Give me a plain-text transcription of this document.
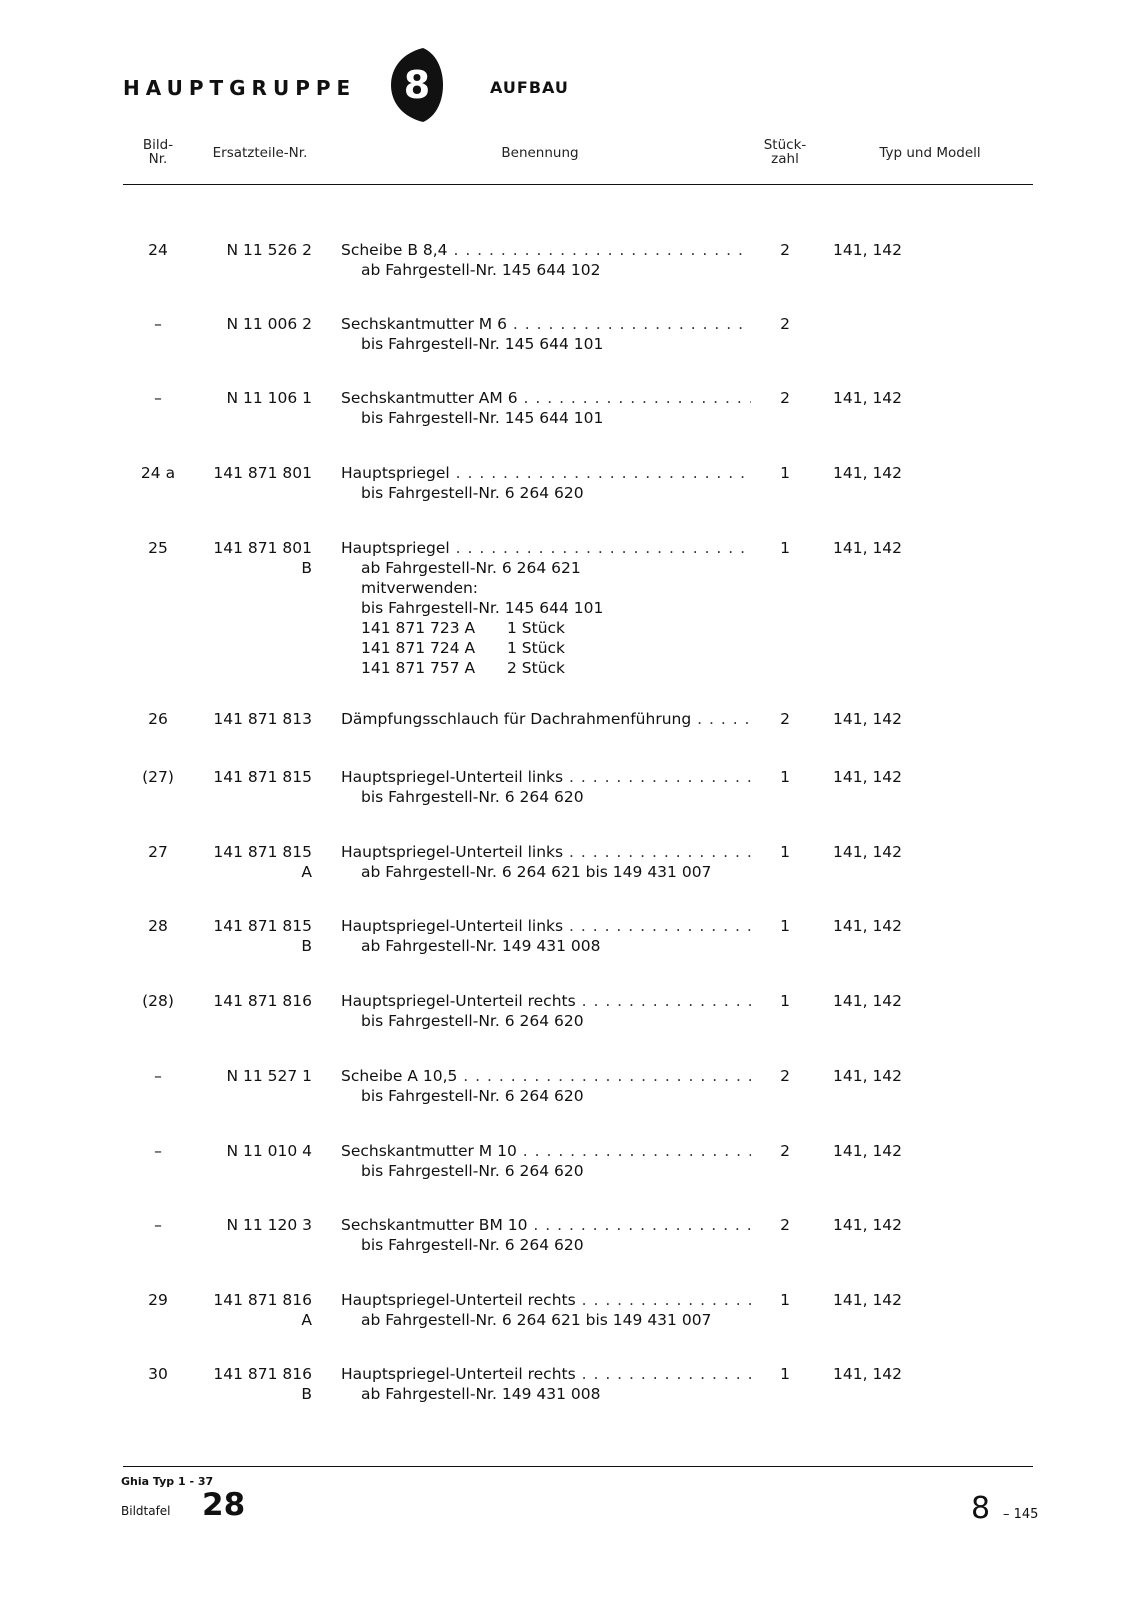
HAUPTGRUPPE 8	AUFBAU
Bild-
Nr.	Ersatzteile-Nr.	Benennung	Stück-
zahl	Typ und Modell
24	N 11 526 2 Scheibe B 8,4 . . .
ab Fahrgestell-Nr. 145 644 102
2	141, 142
–	N 11 006 2 Sechskantmutter M 6 . . .
bis Fahrgestell-Nr. 145 644 101
2
–	N 11 106 1 Sechskantmutter AM 6 . . .
bis Fahrgestell-Nr. 145 644 101
2	141, 142
24 a	141 871 801 Hauptspriegel . . .
bis Fahrgestell-Nr. 6 264 620
1	141, 142
25	141 871 801 B
Hauptspriegel . . .
ab Fahrgestell-Nr. 6 264 621
mitverwenden:
bis Fahrgestell-Nr. 145 644 101
141 871 723 A	1 Stück
141 871 724 A	1 Stück
141 871 757 A	2 Stück
1	141, 142
26	141 871 813 Dämpfungsschlauch für Dachrahmenführung . . .	2	141, 142
(27)	141 871 815 Hauptspriegel-Unterteil links . . .
bis Fahrgestell-Nr. 6 264 620
1	141, 142
27	141 871 815 A
Hauptspriegel-Unterteil links . . .
ab Fahrgestell-Nr. 6 264 621 bis 149 431 007
1	141, 142
28	141 871 815 B
Hauptspriegel-Unterteil links . . .
ab Fahrgestell-Nr. 149 431 008
1	141, 142
(28)	141 871 816 Hauptspriegel-Unterteil rechts . . .
bis Fahrgestell-Nr. 6 264 620
1	141, 142
–	N 11 527 1 Scheibe A 10,5 . . .
bis Fahrgestell-Nr. 6 264 620
2	141, 142
–	N 11 010 4 Sechskantmutter M 10 . . .
bis Fahrgestell-Nr. 6 264 620
2	141, 142
–	N 11 120 3 Sechskantmutter BM 10 . . .
bis Fahrgestell-Nr. 6 264 620
2	141, 142
29	141 871 816 A
Hauptspriegel-Unterteil rechts . . .
ab Fahrgestell-Nr. 6 264 621 bis 149 431 007
1	141, 142
30	141 871 816 B
Hauptspriegel-Unterteil rechts . . .
ab Fahrgestell-Nr. 149 431 008
1	141, 142
Ghia Typ 1 - 37
Bildtafel 28	8 – 145
